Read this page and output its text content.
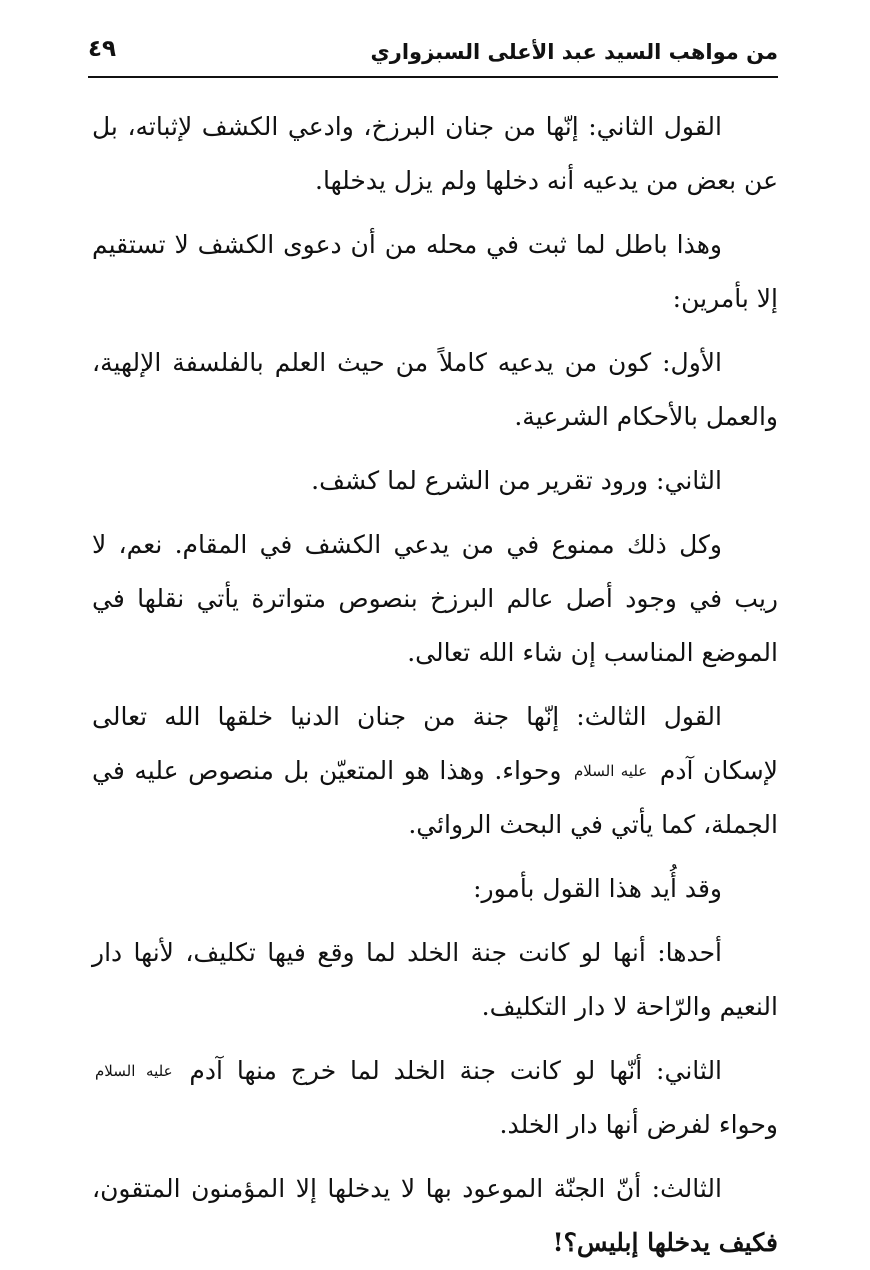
من مواهب السيد عبد الأعلى السبزواري
٤٩

القول الثاني: إنّها من جنان البرزخ، وادعي الكشف لإثباته، بل عن بعض من يدعيه أنه دخلها ولم يزل يدخلها.

وهذا باطل لما ثبت في محله من أن دعوى الكشف لا تستقيم إلا بأمرين:

الأول: كون من يدعيه كاملاً من حيث العلم بالفلسفة الإلهية، والعمل بالأحكام الشرعية.

الثاني: ورود تقرير من الشرع لما كشف.

وكل ذلك ممنوع في من يدعي الكشف في المقام. نعم، لا ريب في وجود أصل عالم البرزخ بنصوص متواترة يأتي نقلها في الموضع المناسب إن شاء الله تعالى.

القول الثالث: إنّها جنة من جنان الدنيا خلقها الله تعالى لإسكان آدم عليه السلام وحواء. وهذا هو المتعيّن بل منصوص عليه في الجملة، كما يأتي في البحث الروائي.

وقد أُيد هذا القول بأمور:

أحدها: أنها لو كانت جنة الخلد لما وقع فيها تكليف، لأنها دار النعيم والرّاحة لا دار التكليف.

الثاني: أنّها لو كانت جنة الخلد لما خرج منها آدم عليه السلام وحواء لفرض أنها دار الخلد.

الثالث: أنّ الجنّة الموعود بها لا يدخلها إلا المؤمنون المتقون، فكيف يدخلها إبليس؟!
